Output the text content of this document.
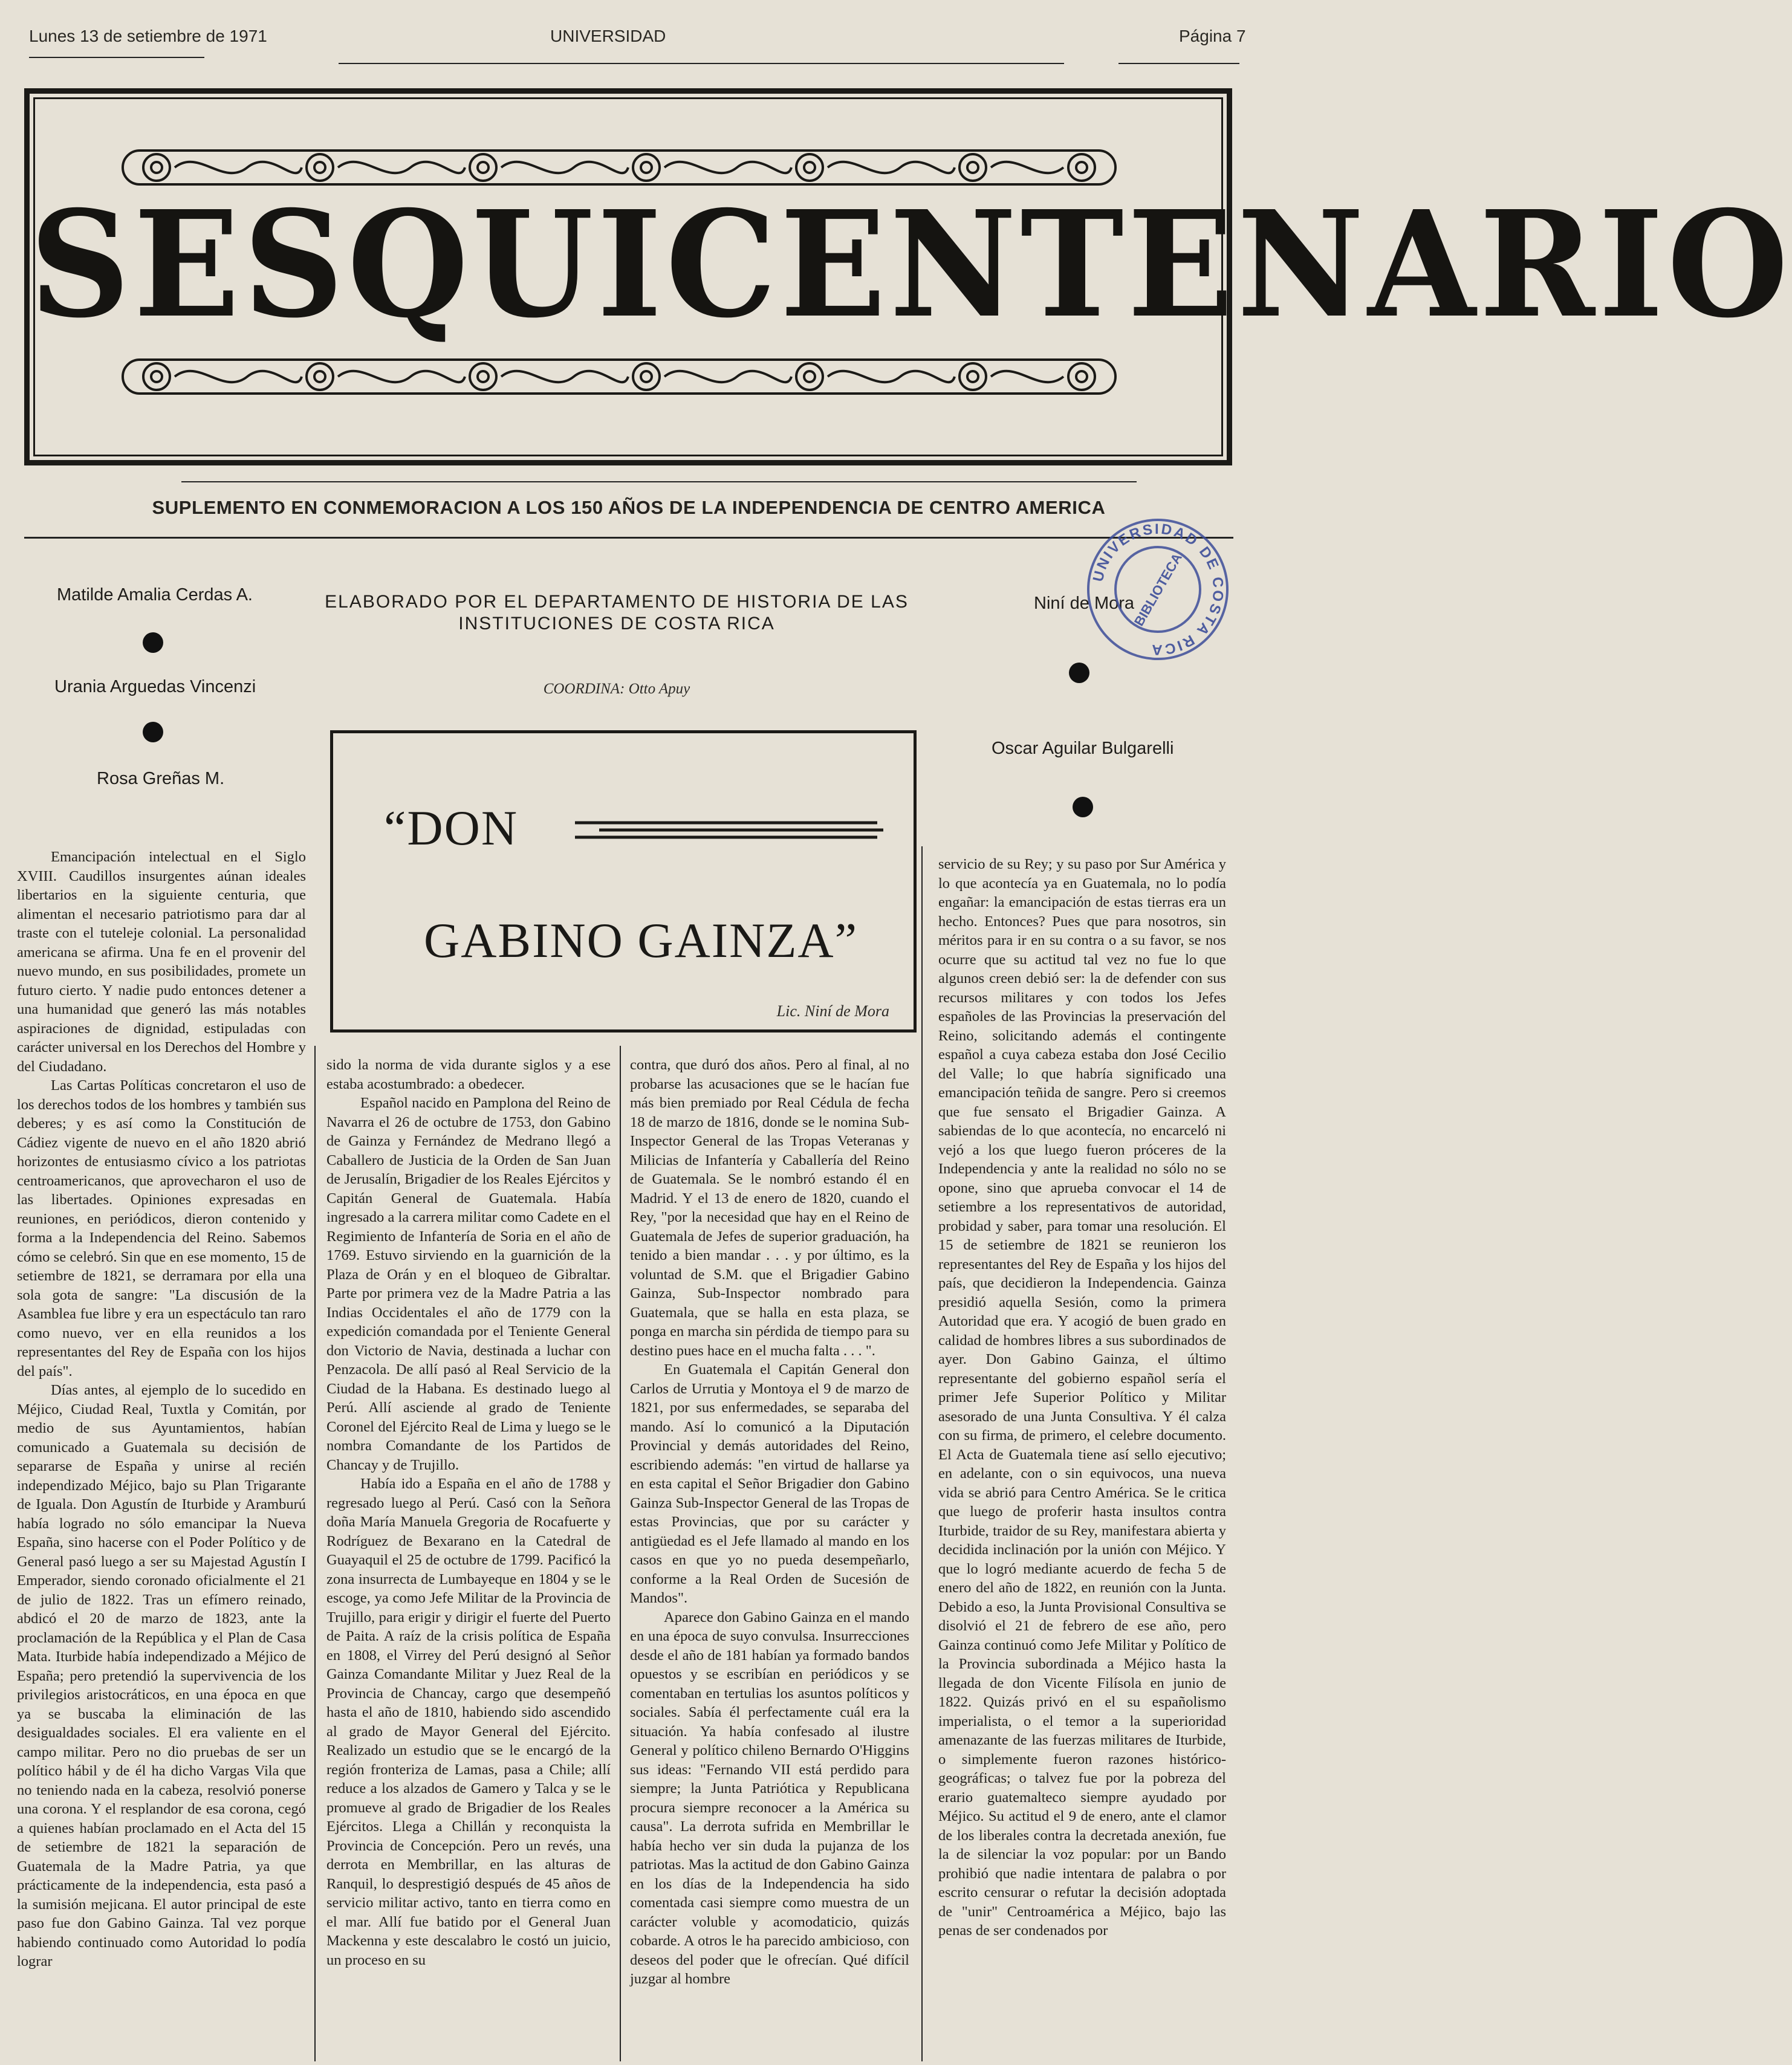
Lunes 13 de setiembre de 1971	UNIVERSIDAD	Página 7
SESQUICENTENARIO
SUPLEMENTO EN CONMEMORACION A LOS 150 AÑOS DE LA INDEPENDENCIA DE CENTRO AMERICA
Matilde Amalia Cerdas A.
Urania Arguedas Vincenzi
Rosa Greñas M.
ELABORADO POR EL DEPARTAMENTO DE HISTORIA DE LAS
INSTITUCIONES DE COSTA RICA
COORDINA: Otto Apuy
Niní de Mora
Oscar Aguilar Bulgarelli
UNIVERSIDAD DE COSTA RICA
BIBLIOTECA
“DON
GABINO GAINZA”
Lic. Niní de Mora

Emancipación intelectual en el Siglo XVIII. Caudillos insurgentes aúnan ideales libertarios en la siguiente centuria, que alimentan el necesario patriotismo para dar al traste con el tuteleje colonial. La personalidad americana se afirma. Una fe en el provenir del nuevo mundo, en sus posibilidades, promete un futuro cierto. Y nadie pudo entonces detener a una humanidad que generó las más notables aspiraciones de dignidad, estipuladas con carácter universal en los Derechos del Hombre y del Ciudadano.

Las Cartas Políticas concretaron el uso de los derechos todos de los hombres y también sus deberes; y es así como la Constitución de Cádiez vigente de nuevo en el año 1820 abrió horizontes de entusiasmo cívico a los patriotas centroamericanos, que aprovecharon el uso de las libertades. Opiniones expresadas en reuniones, en periódicos, dieron contenido y forma a la Independencia del Reino. Sabemos cómo se celebró. Sin que en ese momento, 15 de setiembre de 1821, se derramara por ella una sola gota de sangre: "La discusión de la Asamblea fue libre y era un espectáculo tan raro como nuevo, ver en ella reunidos a los representantes del Rey de España con los hijos del país".

Días antes, al ejemplo de lo sucedido en Méjico, Ciudad Real, Tuxtla y Comitán, por medio de sus Ayuntamientos, habían comunicado a Guatemala su decisión de separarse de España y unirse al recién independizado Méjico, bajo su Plan Trigarante de Iguala. Don Agustín de Iturbide y Aramburú había logrado no sólo emancipar la Nueva España, sino hacerse con el Poder Político y de General pasó luego a ser su Majestad Agustín I Emperador, siendo coronado oficialmente el 21 de julio de 1822. Tras un efímero reinado, abdicó el 20 de marzo de 1823, ante la proclamación de la República y el Plan de Casa Mata. Iturbide había independizado a Méjico de España; pero pretendió la supervivencia de los privilegios aristocráticos, en una época en que ya se buscaba la eliminación de las desigualdades sociales. El era valiente en el campo militar. Pero no dio pruebas de ser un político hábil y de él ha dicho Vargas Vila que no teniendo nada en la cabeza, resolvió ponerse una corona. Y el resplandor de esa corona, cegó a quienes habían proclamado en el Acta del 15 de setiembre de 1821 la separación de Guatemala de la Madre Patria, ya que prácticamente de la independencia, esta pasó a la sumisión mejicana. El autor principal de este paso fue don Gabino Gainza. Tal vez porque habiendo continuado como Autoridad lo podía lograr

sido la norma de vida durante siglos y a ese estaba acostumbrado: a obedecer.

Español nacido en Pamplona del Reino de Navarra el 26 de octubre de 1753, don Gabino de Gainza y Fernández de Medrano llegó a Caballero de Justicia de la Orden de San Juan de Jerusalín, Brigadier de los Reales Ejércitos y Capitán General de Guatemala. Había ingresado a la carrera militar como Cadete en el Regimiento de Infantería de Soria en el año de 1769. Estuvo sirviendo en la guarnición de la Plaza de Orán y en el bloqueo de Gibraltar. Parte por primera vez de la Madre Patria a las Indias Occidentales el año de 1779 con la expedición comandada por el Teniente General don Victorio de Navia, destinada a luchar con Penzacola. De allí pasó al Real Servicio de la Ciudad de la Habana. Es destinado luego al Perú. Allí asciende al grado de Teniente Coronel del Ejército Real de Lima y luego se le nombra Comandante de los Partidos de Chancay y de Trujillo.

Había ido a España en el año de 1788 y regresado luego al Perú. Casó con la Señora doña María Manuela Gregoria de Rocafuerte y Rodríguez de Bexarano en la Catedral de Guayaquil el 25 de octubre de 1799. Pacificó la zona insurrecta de Lumbayeque en 1804 y se le escoge, ya como Jefe Militar de la Provincia de Trujillo, para erigir y dirigir el fuerte del Puerto de Paita. A raíz de la crisis política de España en 1808, el Virrey del Perú designó al Señor Gainza Comandante Militar y Juez Real de la Provincia de Chancay, cargo que desempeñó hasta el año de 1810, habiendo sido ascendido al grado de Mayor General del Ejército. Realizado un estudio que se le encargó de la región fronteriza de Lamas, pasa a Chile; allí reduce a los alzados de Gamero y Talca y se le promueve al grado de Brigadier de los Reales Ejércitos. Llega a Chillán y reconquista la Provincia de Concepción. Pero un revés, una derrota en Membrillar, en las alturas de Ranquil, lo desprestigió después de 45 años de servicio militar activo, tanto en tierra como en el mar. Allí fue batido por el General Juan Mackenna y este descalabro le costó un juicio, un proceso en su

contra, que duró dos años. Pero al final, al no probarse las acusaciones que se le hacían fue más bien premiado por Real Cédula de fecha 18 de marzo de 1816, donde se le nomina Sub-Inspector General de las Tropas Veteranas y Milicias de Infantería y Caballería del Reino de Guatemala. Se le nombró estando él en Madrid. Y el 13 de enero de 1820, cuando el Rey, "por la necesidad que hay en el Reino de Guatemala de Jefes de superior graduación, ha tenido a bien mandar . . . y por último, es la voluntad de S.M. que el Brigadier Gabino Gainza, Sub-Inspector nombrado para Guatemala, que se halla en esta plaza, se ponga en marcha sin pérdida de tiempo para su destino pues hace en el mucha falta . . . ".

En Guatemala el Capitán General don Carlos de Urrutia y Montoya el 9 de marzo de 1821, por sus enfermedades, se separaba del mando. Así lo comunicó a la Diputación Provincial y demás autoridades del Reino, escribiendo además: "en virtud de hallarse ya en esta capital el Señor Brigadier don Gabino Gainza Sub-Inspector General de las Tropas de estas Provincias, que por su carácter y antigüedad es el Jefe llamado al mando en los casos en que yo no pueda desempeñarlo, conforme a la Real Orden de Sucesión de Mandos".

Aparece don Gabino Gainza en el mando en una época de suyo convulsa. Insurrecciones desde el año de 181 habían ya formado bandos opuestos y se escribían en periódicos y se comentaban en tertulias los asuntos políticos y sociales. Sabía él perfectamente cuál era la situación. Ya había confesado al ilustre General y político chileno Bernardo O'Higgins sus ideas: "Fernando VII está perdido para siempre; la Junta Patriótica y Republicana procura siempre reconocer a la América su causa". La derrota sufrida en Membrillar le había hecho ver sin duda la pujanza de los patriotas. Mas la actitud de don Gabino Gainza en los días de la Independencia ha sido comentada casi siempre como muestra de un carácter voluble y acomodaticio, quizás cobarde. A otros le ha parecido ambicioso, con deseos del poder que le ofrecían. Qué difícil juzgar al hombre

servicio de su Rey; y su paso por Sur América y lo que acontecía ya en Guatemala, no lo podía engañar: la emancipación de estas tierras era un hecho. Entonces? Pues que para nosotros, sin méritos para ir en su contra o a su favor, se nos ocurre que su actitud tal vez no fue lo que algunos creen debió ser: la de defender con sus recursos militares y con todos los Jefes españoles de las Provincias la preservación del Reino, solicitando además el contingente español a cuya cabeza estaba don José Cecilio del Valle; lo que habría significado una emancipación teñida de sangre. Pero si creemos que fue sensato el Brigadier Gainza. A sabiendas de lo que acontecía, no encarceló ni vejó a los que luego fueron próceres de la Independencia y ante la realidad no sólo no se opone, sino que aprueba convocar el 14 de setiembre a los representativos de autoridad, probidad y saber, para tomar una resolución. El 15 de setiembre de 1821 se reunieron los representantes del Rey de España y los hijos del país, que decidieron la Independencia. Gainza presidió aquella Sesión, como la primera Autoridad que era. Y acogió de buen grado en calidad de hombres libres a sus subordinados de ayer. Don Gabino Gainza, el último representante del gobierno español sería el primer Jefe Superior Político y Militar asesorado de una Junta Consultiva. Y él calza con su firma, de primero, el celebre documento. El Acta de Guatemala tiene así sello ejecutivo; en adelante, con o sin equivocos, una nueva vida se abrió para Centro América. Se le critica que luego de proferir hasta insultos contra Iturbide, traidor de su Rey, manifestara abierta y decidida inclinación por la unión con Méjico. Y que lo logró mediante acuerdo de fecha 5 de enero del año de 1822, en reunión con la Junta. Debido a eso, la Junta Provisional Consultiva se disolvió el 21 de febrero de ese año, pero Gainza continuó como Jefe Militar y Político de la Provincia subordinada a Méjico hasta la llegada de don Vicente Filísola en junio de 1822. Quizás privó en el su españolismo imperialista, o el temor a la superioridad amenazante de las fuerzas militares de Iturbide, o simplemente fueron razones histórico-geográficas; o talvez fue por la pobreza del erario guatemalteco siempre ayudado por Méjico. Su actitud el 9 de enero, ante el clamor de los liberales contra la decretada anexión, fue la de silenciar la voz popular: por un Bando prohibió que nadie intentara de palabra o por escrito censurar o refutar la decisión adoptada de "unir" Centroamérica a Méjico, bajo las penas de ser condenados por
